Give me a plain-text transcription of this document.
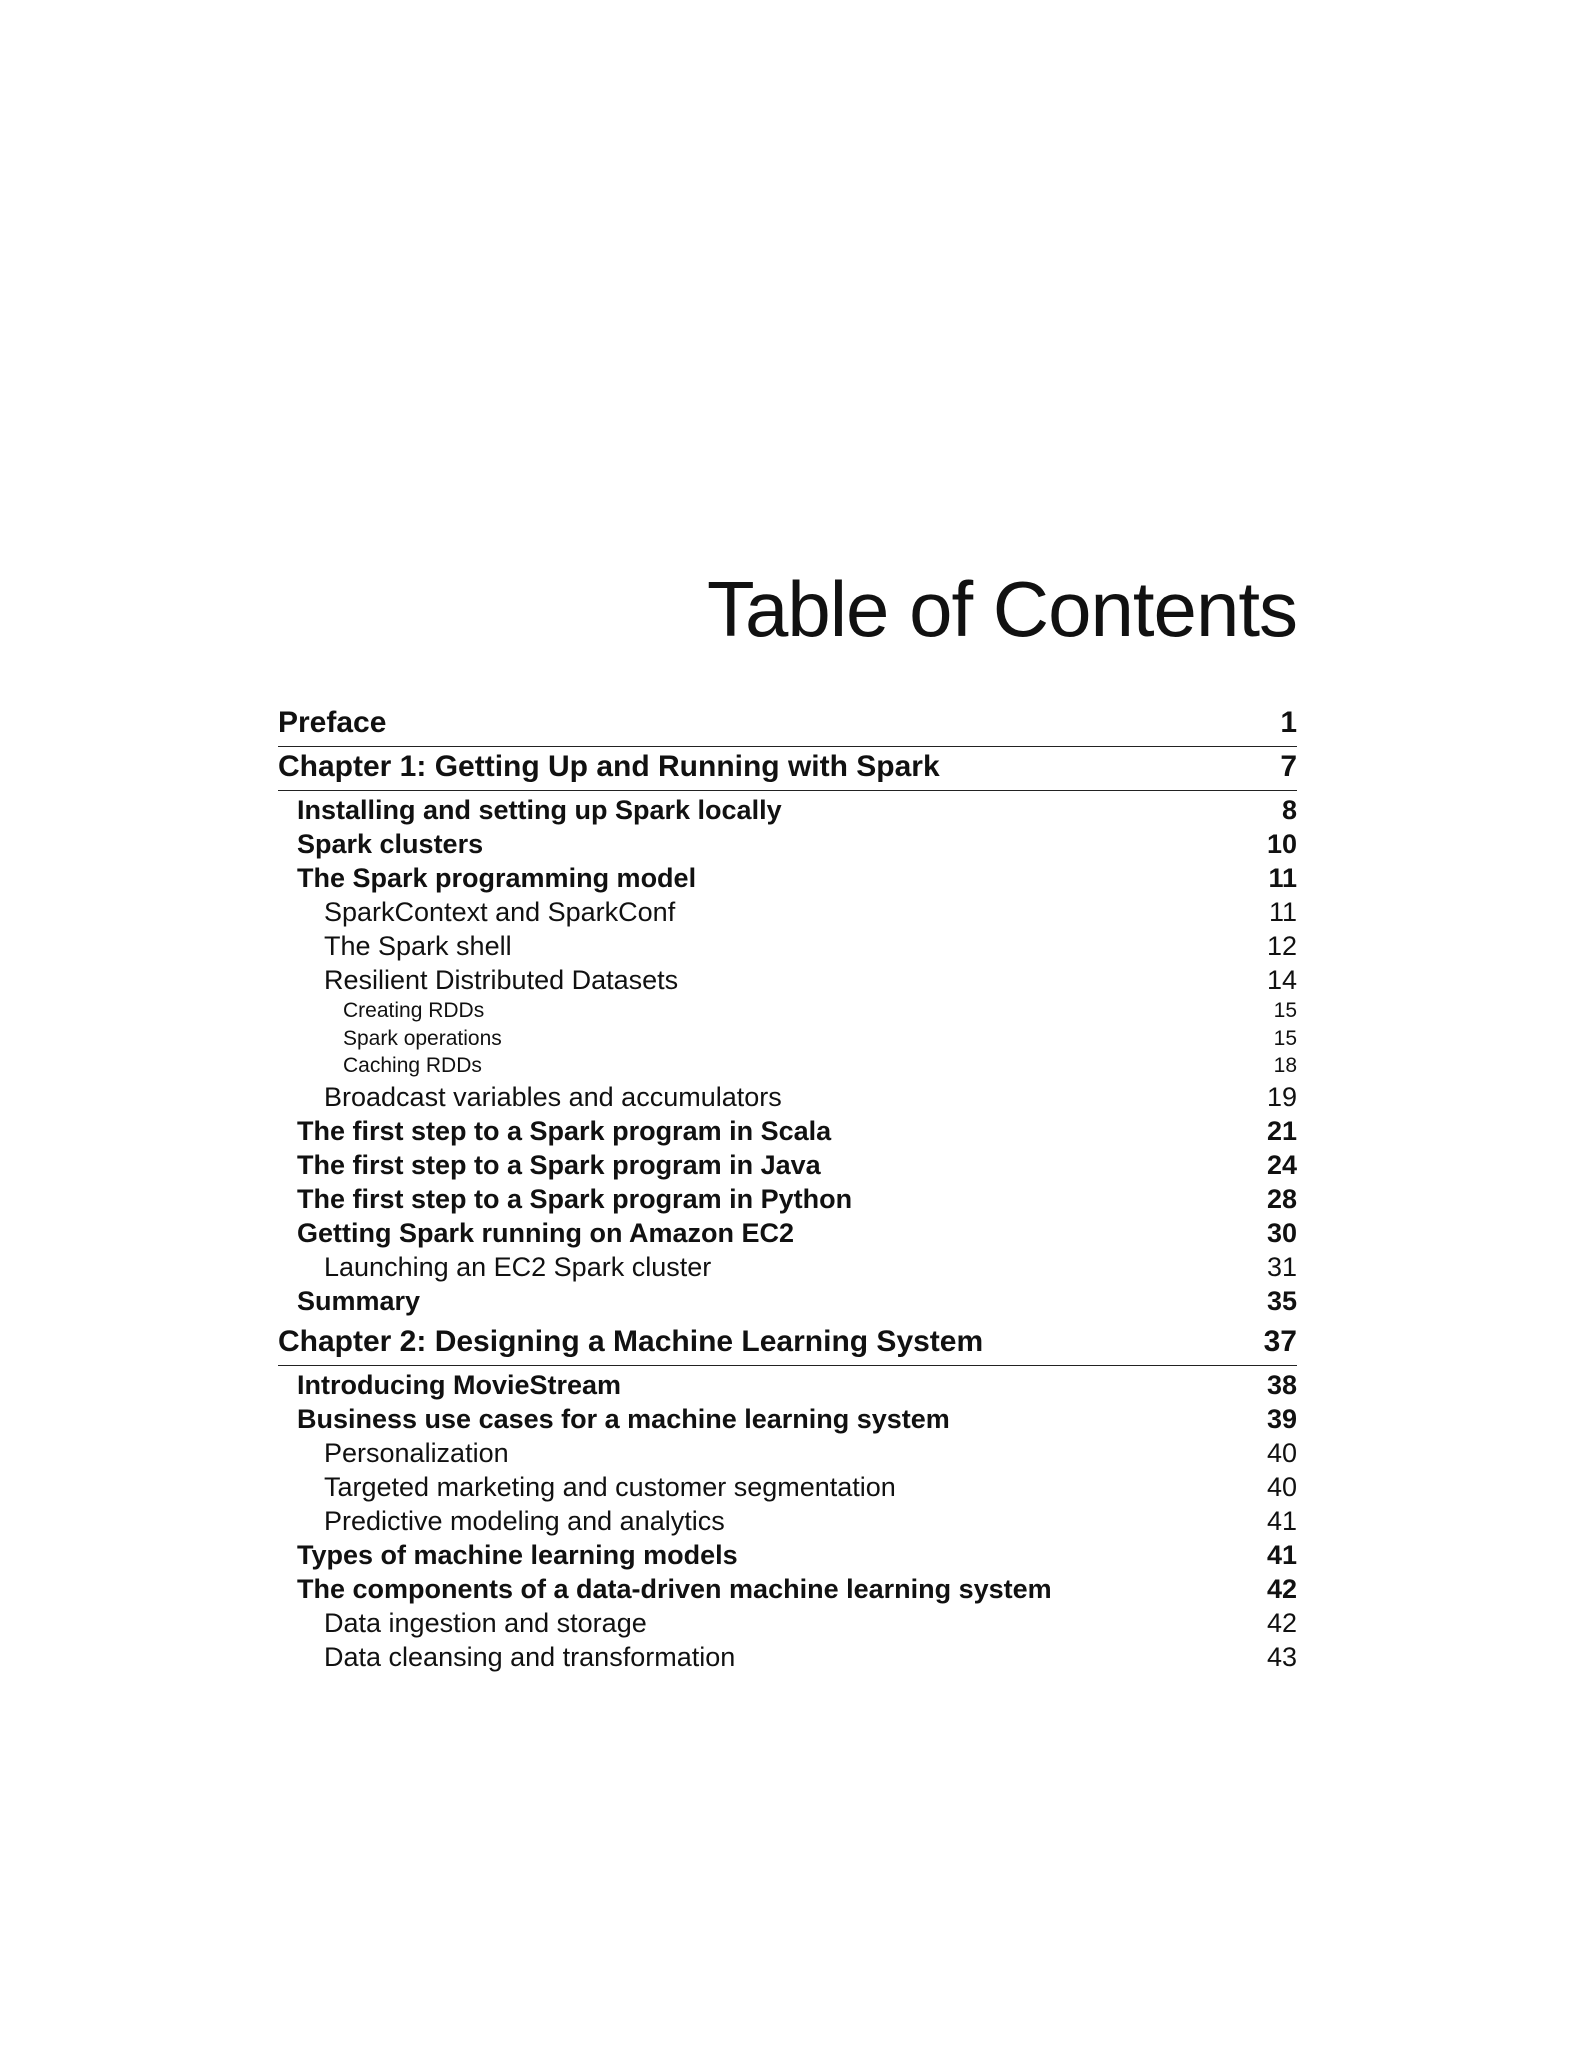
Table of Contents
Preface	1
Chapter 1: Getting Up and Running with Spark	7
Installing and setting up Spark locally	8
Spark clusters	10
The Spark programming model	11
SparkContext and SparkConf	11
The Spark shell	12
Resilient Distributed Datasets	14
Creating RDDs	15
Spark operations	15
Caching RDDs	18
Broadcast variables and accumulators	19
The first step to a Spark program in Scala	21
The first step to a Spark program in Java	24
The first step to a Spark program in Python	28
Getting Spark running on Amazon EC2	30
Launching an EC2 Spark cluster	31
Summary	35
Chapter 2: Designing a Machine Learning System	37
Introducing MovieStream	38
Business use cases for a machine learning system	39
Personalization	40
Targeted marketing and customer segmentation	40
Predictive modeling and analytics	41
Types of machine learning models	41
The components of a data-driven machine learning system	42
Data ingestion and storage	42
Data cleansing and transformation	43
